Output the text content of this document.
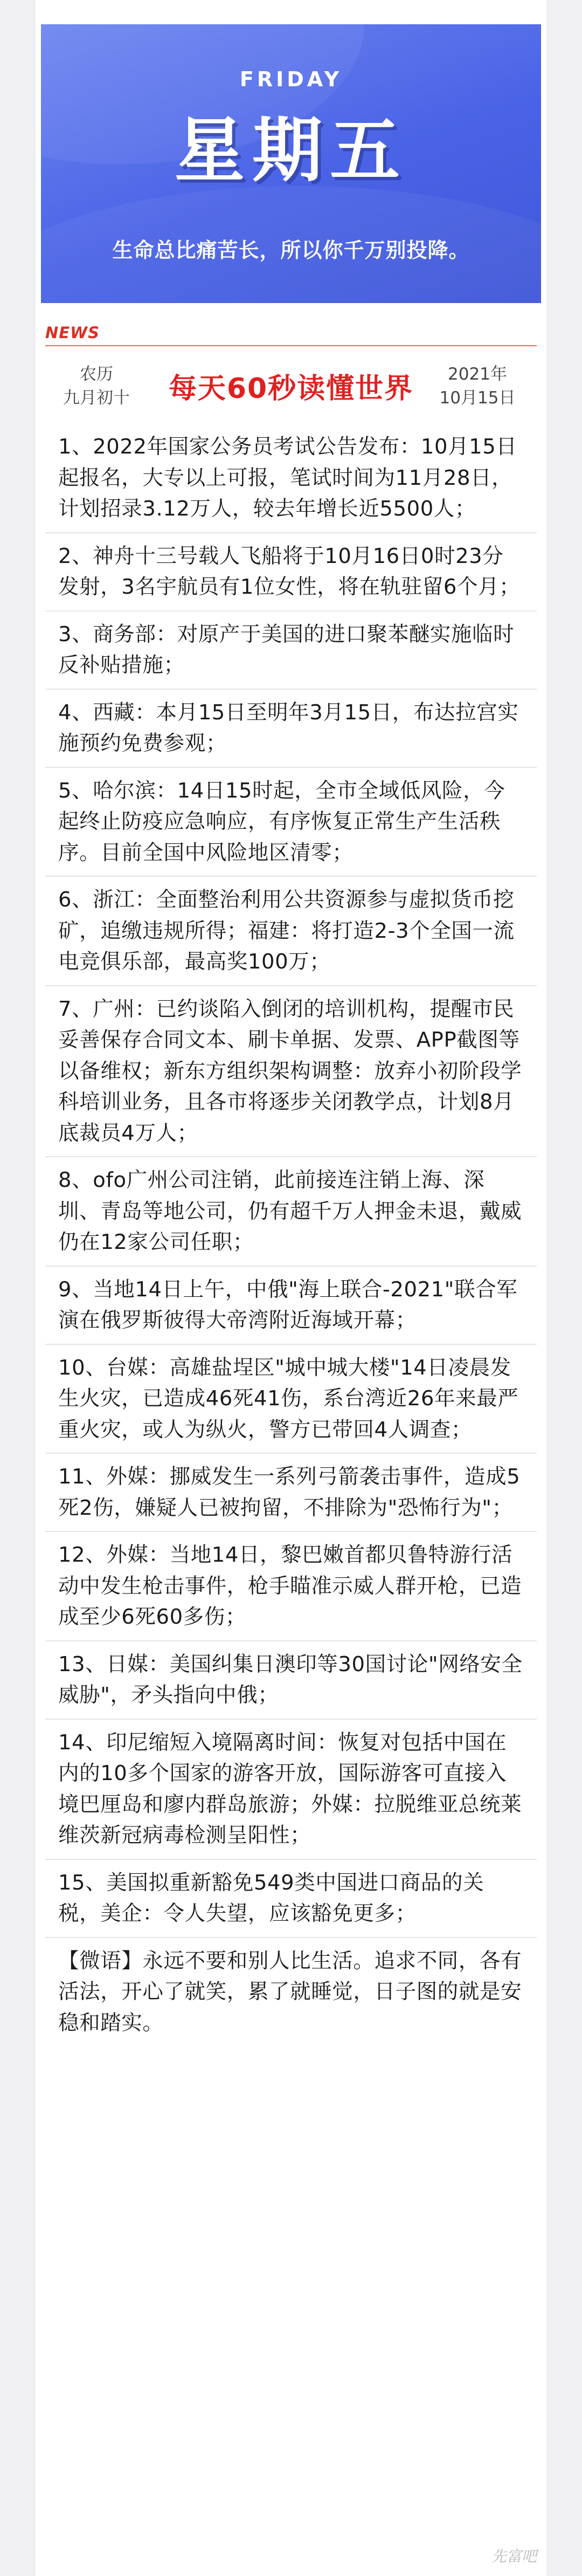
FRIDAY
星期五
生命总比痛苦长，所以你千万别投降。
NEWS
农历
九月初十	每天60秒读懂世界	2021年
10月15日
1、2022年国家公务员考试公告发布：10月15日起报名，大专以上可报，笔试时间为11月28日，计划招录3.12万人，较去年增长近5500人；
2、神舟十三号载人飞船将于10月16日0时23分发射，3名宇航员有1位女性，将在轨驻留6个月；
3、商务部：对原产于美国的进口聚苯醚实施临时反补贴措施；
4、西藏：本月15日至明年3月15日，布达拉宫实施预约免费参观；
5、哈尔滨：14日15时起，全市全域低风险，今起终止防疫应急响应，有序恢复正常生产生活秩序。目前全国中风险地区清零；
6、浙江：全面整治利用公共资源参与虚拟货币挖矿，追缴违规所得；福建：将打造2-3个全国一流电竞俱乐部，最高奖100万；
7、广州：已约谈陷入倒闭的培训机构，提醒市民妥善保存合同文本、刷卡单据、发票、APP截图等以备维权；新东方组织架构调整：放弃小初阶段学科培训业务，且各市将逐步关闭教学点，计划8月底裁员4万人；
8、ofo广州公司注销，此前接连注销上海、深圳、青岛等地公司，仍有超千万人押金未退，戴威仍在12家公司任职；
9、当地14日上午，中俄"海上联合-2021"联合军演在俄罗斯彼得大帝湾附近海域开幕；
10、台媒：高雄盐埕区"城中城大楼"14日凌晨发生火灾，已造成46死41伤，系台湾近26年来最严重火灾，或人为纵火，警方已带回4人调查；
11、外媒：挪威发生一系列弓箭袭击事件，造成5死2伤，嫌疑人已被拘留，不排除为"恐怖行为"；
12、外媒：当地14日，黎巴嫩首都贝鲁特游行活动中发生枪击事件，枪手瞄准示威人群开枪，已造成至少6死60多伤；
13、日媒：美国纠集日澳印等30国讨论"网络安全威胁"，矛头指向中俄；
14、印尼缩短入境隔离时间：恢复对包括中国在内的10多个国家的游客开放，国际游客可直接入境巴厘岛和廖内群岛旅游；外媒：拉脱维亚总统莱维茨新冠病毒检测呈阳性；
15、美国拟重新豁免549类中国进口商品的关税，美企：令人失望，应该豁免更多；
【微语】永远不要和别人比生活。追求不同，各有活法，开心了就笑，累了就睡觉，日子图的就是安稳和踏实。
先富吧
